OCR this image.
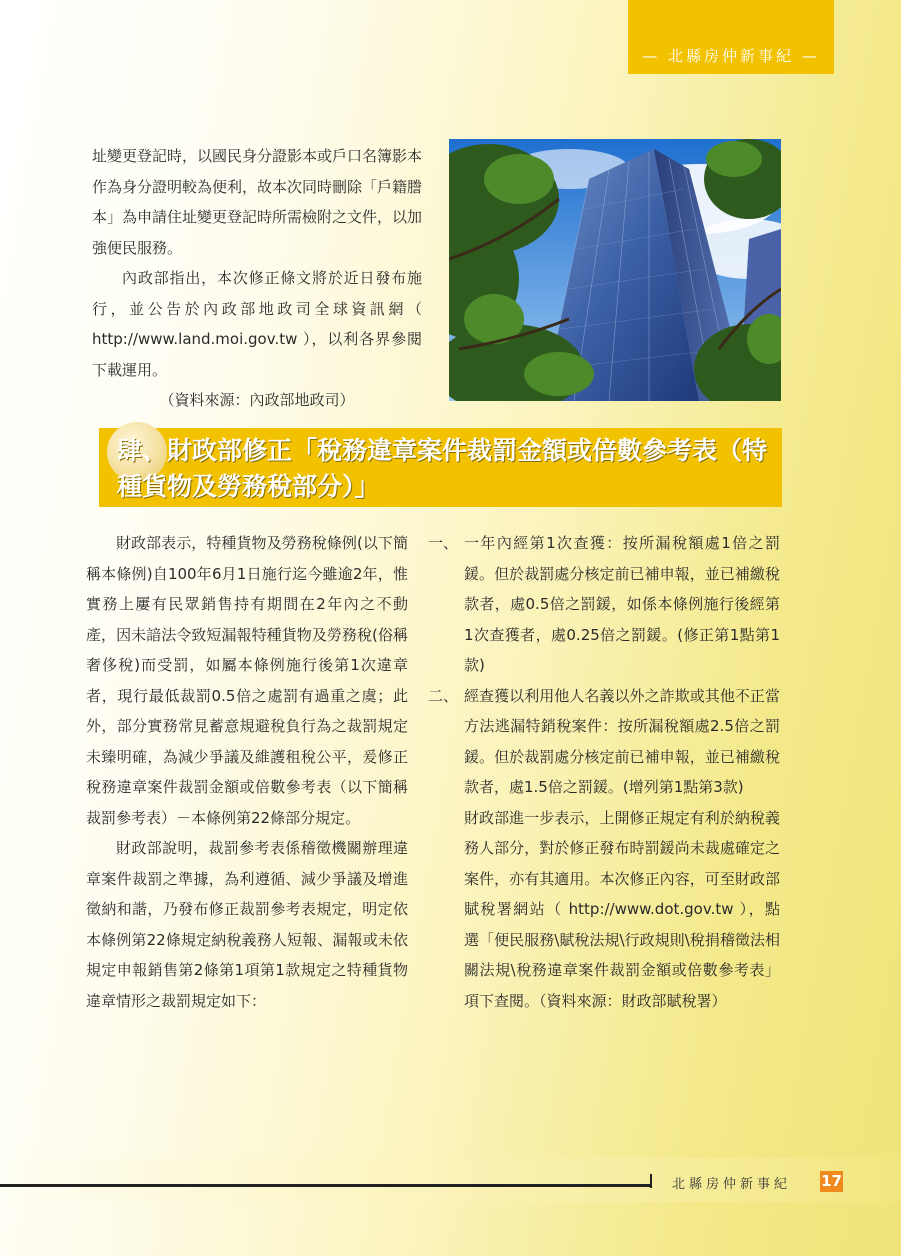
— 北縣房仲新事紀 —

址變更登記時，以國民身分證影本或戶口名簿影本作為身分證明較為便利，故本次同時刪除「戶籍謄本」為申請住址變更登記時所需檢附之文件，以加強便民服務。

內政部指出，本次修正條文將於近日發布施行，並公告於內政部地政司全球資訊網（ http://www.land.moi.gov.tw ），以利各界參閱下載運用。

（資料來源：內政部地政司）

肆、財政部修正「稅務違章案件裁罰金額或倍數參考表（特種貨物及勞務稅部分）」

財政部表示，特種貨物及勞務稅條例(以下簡稱本條例)自100年6月1日施行迄今雖逾2年，惟實務上屢有民眾銷售持有期間在2年內之不動產，因未諳法令致短漏報特種貨物及勞務稅(俗稱奢侈稅)而受罰，如屬本條例施行後第1次違章者，現行最低裁罰0.5倍之處罰有過重之虞；此外，部分實務常見蓄意規避稅負行為之裁罰規定未臻明確，為減少爭議及維護租稅公平，爰修正稅務違章案件裁罰金額或倍數參考表（以下簡稱裁罰參考表）－本條例第22條部分規定。

財政部說明，裁罰參考表係稽徵機關辦理違章案件裁罰之準據，為利遵循、減少爭議及增進徵納和諧，乃發布修正裁罰參考表規定，明定依本條例第22條規定納稅義務人短報、漏報或未依規定申報銷售第2條第1項第1款規定之特種貨物違章情形之裁罰規定如下：

一、 一年內經第1次查獲：按所漏稅額處1倍之罰鍰。但於裁罰處分核定前已補申報，並已補繳稅款者，處0.5倍之罰鍰，如係本條例施行後經第1次查獲者，處0.25倍之罰鍰。(修正第1點第1款)
二、 經查獲以利用他人名義以外之詐欺或其他不正當方法逃漏特銷稅案件：按所漏稅額處2.5倍之罰鍰。但於裁罰處分核定前已補申報，並已補繳稅款者，處1.5倍之罰鍰。(增列第1點第3款)

財政部進一步表示，上開修正規定有利於納稅義務人部分，對於修正發布時罰鍰尚未裁處確定之案件，亦有其適用。本次修正內容，可至財政部賦稅署網站（ http://www.dot.gov.tw ），點選「便民服務\賦稅法規\行政規則\稅捐稽徵法相關法規\稅務違章案件裁罰金額或倍數參考表」項下查閱。（資料來源：財政部賦稅署）

北縣房仲新事紀 17
